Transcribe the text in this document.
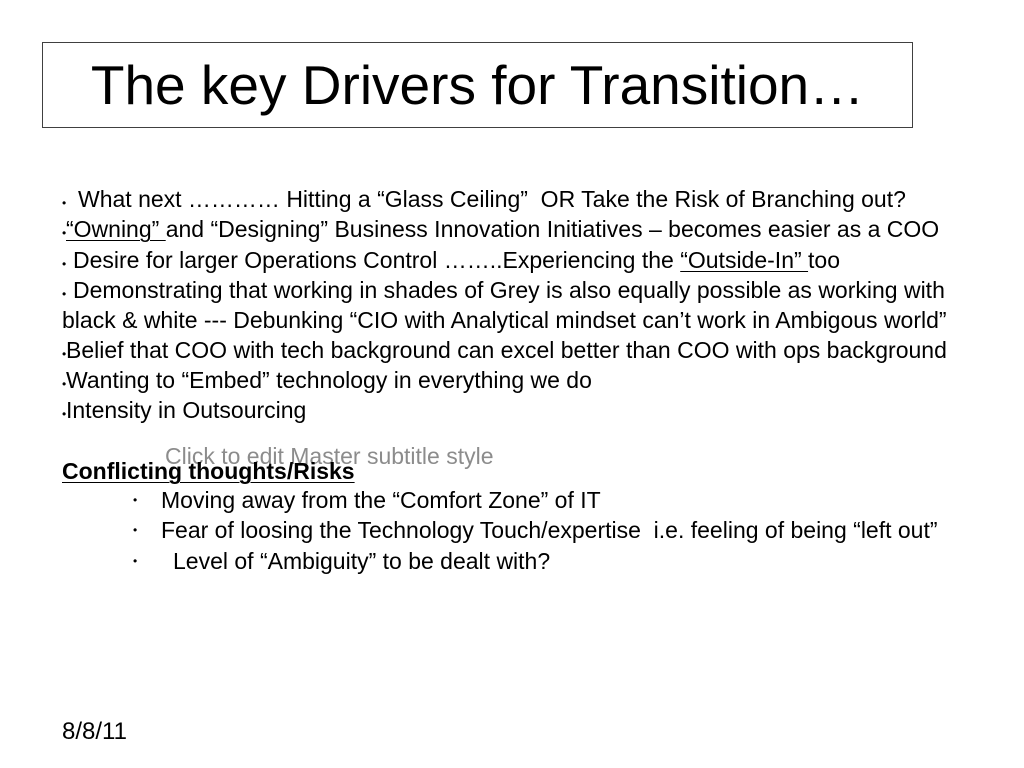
The key Drivers for Transition…
Click to edit Master subtitle style
• What next ………… Hitting a “Glass Ceiling”  OR Take the Risk of Branching out?
• “Owning” and “Designing” Business Innovation Initiatives – becomes easier as a COO
• Desire for larger Operations Control ……..Experiencing the “Outside-In” too
• Demonstrating that working in shades of Grey is also equally possible as working with
black & white --- Debunking “CIO with Analytical mindset can’t work in Ambigous world”
• Belief that COO with tech background can excel better than COO with ops background
• Wanting to “Embed” technology in everything we do
• Intensity in Outsourcing
Conflicting thoughts/Risks
• Moving away from the “Comfort Zone” of IT
• Fear of loosing the Technology Touch/expertise  i.e. feeling of being “left out”
• Level of “Ambiguity” to be dealt with?
8/8/11
